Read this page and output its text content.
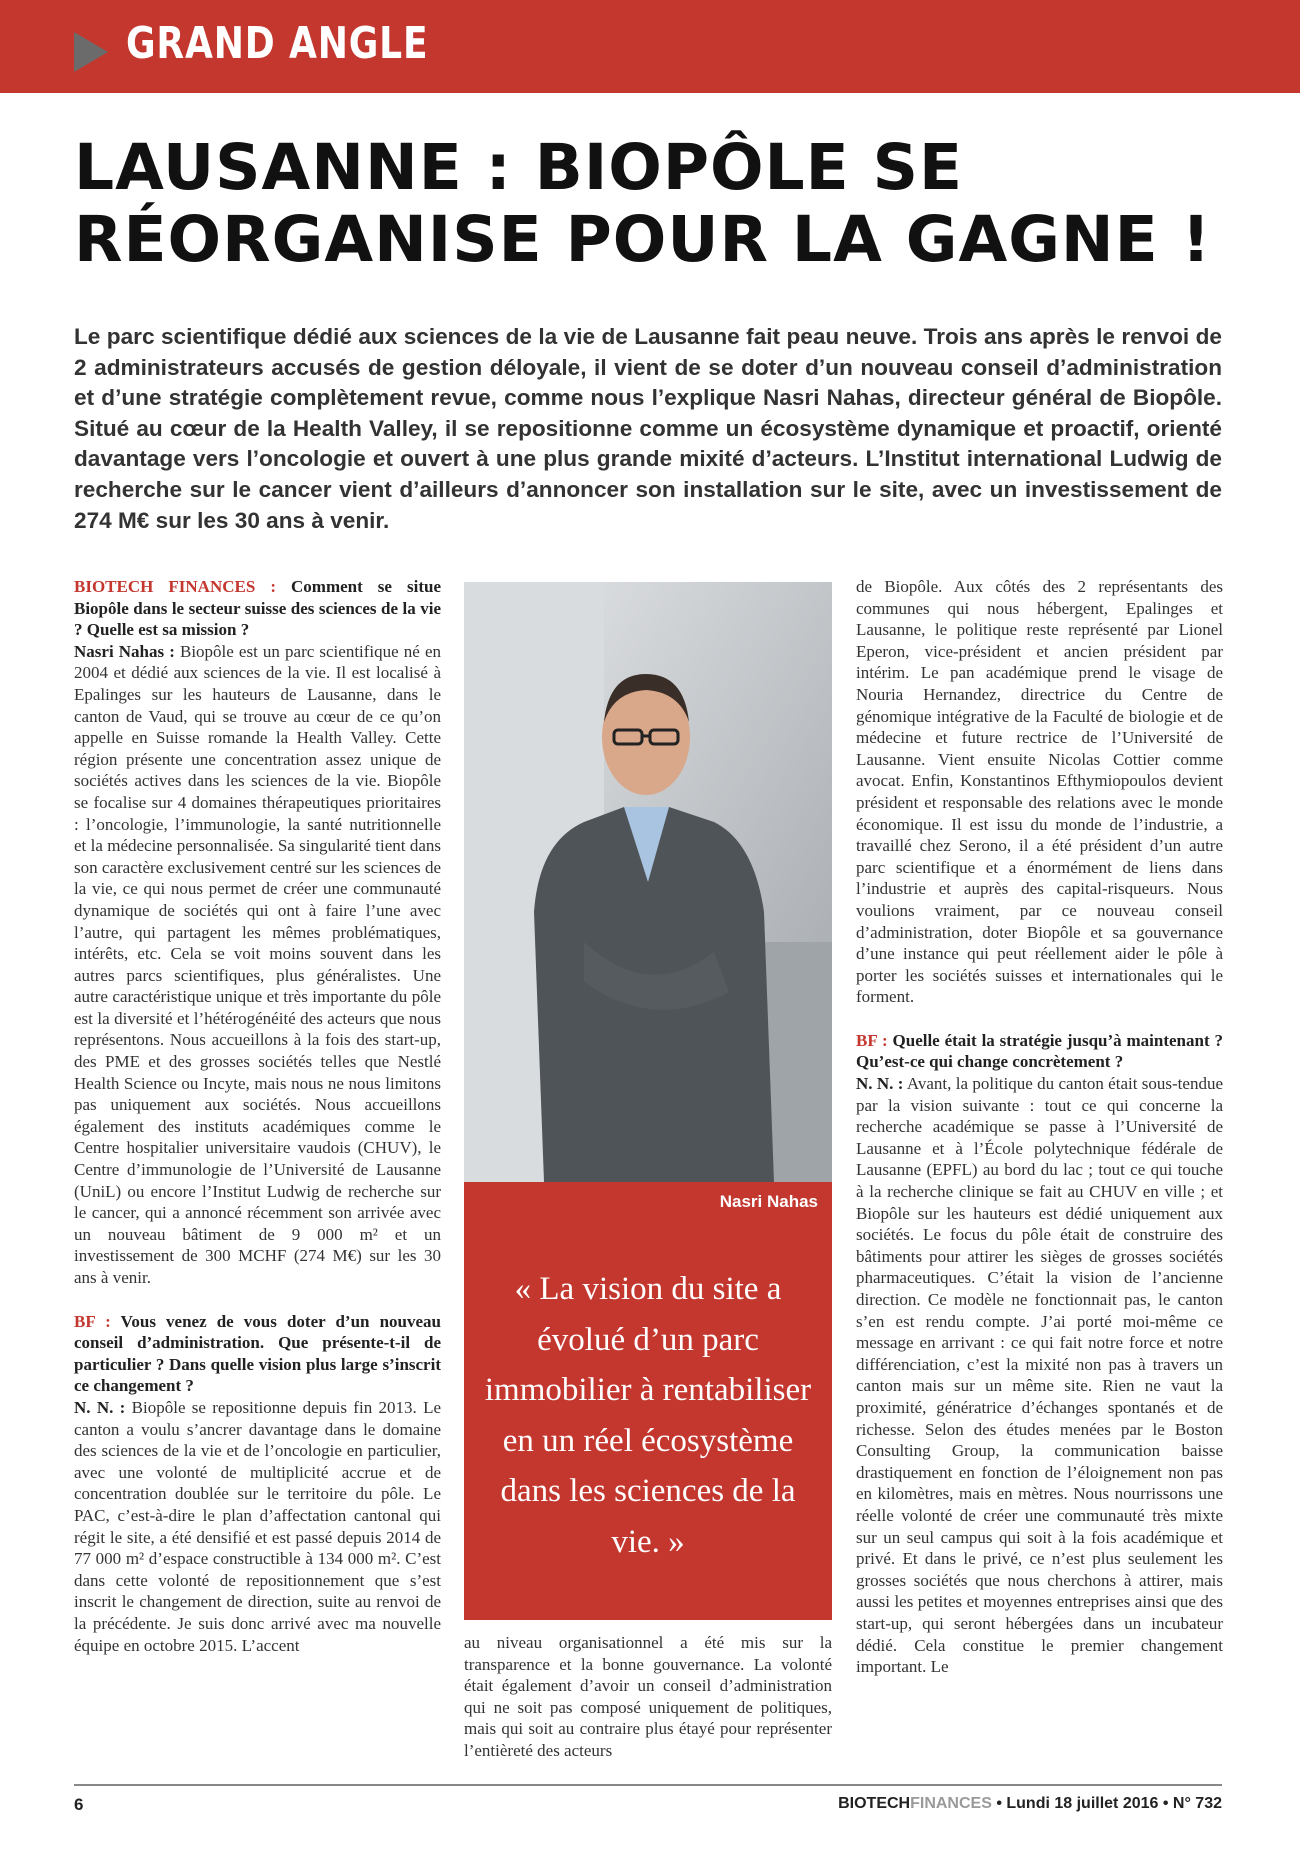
GRAND ANGLE
LAUSANNE : BIOPÔLE SE
RÉORGANISE POUR LA GAGNE !
Le parc scientifique dédié aux sciences de la vie de Lausanne fait peau neuve. Trois ans après le renvoi de 2 administrateurs accusés de gestion déloyale, il vient de se doter d’un nouveau conseil d’administration et d’une stratégie complètement revue, comme nous l’explique Nasri Nahas, directeur général de Biopôle. Situé au cœur de la Health Valley, il se repositionne comme un écosystème dynamique et proactif, orienté davantage vers l’oncologie et ouvert à une plus grande mixité d’acteurs. L’Institut international Ludwig de recherche sur le cancer vient d’ailleurs d’annoncer son installation sur le site, avec un investissement de 274 M€ sur les 30 ans à venir.

BIOTECH FINANCES : Comment se situe Biopôle dans le secteur suisse des sciences de la vie ? Quelle est sa mission ?

Nasri Nahas : Biopôle est un parc scientifique né en 2004 et dédié aux sciences de la vie. Il est localisé à Epalinges sur les hauteurs de Lausanne, dans le canton de Vaud, qui se trouve au cœur de ce qu’on appelle en Suisse romande la Health Valley. Cette région présente une concentration assez unique de sociétés actives dans les sciences de la vie. Biopôle se focalise sur 4 domaines thérapeutiques prioritaires : l’oncologie, l’immunologie, la santé nutritionnelle et la médecine personnalisée. Sa singularité tient dans son caractère exclusivement centré sur les sciences de la vie, ce qui nous permet de créer une communauté dynamique de sociétés qui ont à faire l’une avec l’autre, qui partagent les mêmes problématiques, intérêts, etc. Cela se voit moins souvent dans les autres parcs scientifiques, plus généralistes. Une autre caractéristique unique et très importante du pôle est la diversité et l’hétérogénéité des acteurs que nous représentons. Nous accueillons à la fois des start-up, des PME et des grosses sociétés telles que Nestlé Health Science ou Incyte, mais nous ne nous limitons pas uniquement aux sociétés. Nous accueillons également des instituts académiques comme le Centre hospitalier universitaire vaudois (CHUV), le Centre d’immunologie de l’Université de Lausanne (UniL) ou encore l’Institut Ludwig de recherche sur le cancer, qui a annoncé récemment son arrivée avec un nouveau bâtiment de 9 000 m² et un investissement de 300 MCHF (274 M€) sur les 30 ans à venir.

BF : Vous venez de vous doter d’un nouveau conseil d’administration. Que présente-t-il de particulier ? Dans quelle vision plus large s’inscrit ce changement ?

N. N. : Biopôle se repositionne depuis fin 2013. Le canton a voulu s’ancrer davantage dans le domaine des sciences de la vie et de l’oncologie en particulier, avec une volonté de multiplicité accrue et de concentration doublée sur le territoire du pôle. Le PAC, c’est-à-dire le plan d’affectation cantonal qui régit le site, a été densifié et est passé depuis 2014 de 77 000 m² d’espace constructible à 134 000 m². C’est dans cette volonté de repositionnement que s’est inscrit le changement de direction, suite au renvoi de la précédente. Je suis donc arrivé avec ma nouvelle équipe en octobre 2015. L’accent

Nasri Nahas
« La vision du site a évolué d’un parc immobilier à rentabiliser en un réel écosystème dans les sciences de la vie. »

au niveau organisationnel a été mis sur la transparence et la bonne gouvernance. La volonté était également d’avoir un conseil d’administration qui ne soit pas composé uniquement de politiques, mais qui soit au contraire plus étayé pour représenter l’entièreté des acteurs

de Biopôle. Aux côtés des 2 représentants des communes qui nous hébergent, Epalinges et Lausanne, le politique reste représenté par Lionel Eperon, vice-président et ancien président par intérim. Le pan académique prend le visage de Nouria Hernandez, directrice du Centre de génomique intégrative de la Faculté de biologie et de médecine et future rectrice de l’Université de Lausanne. Vient ensuite Nicolas Cottier comme avocat. Enfin, Konstantinos Efthymiopoulos devient président et responsable des relations avec le monde économique. Il est issu du monde de l’industrie, a travaillé chez Serono, il a été président d’un autre parc scientifique et a énormément de liens dans l’industrie et auprès des capital-risqueurs. Nous voulions vraiment, par ce nouveau conseil d’administration, doter Biopôle et sa gouvernance d’une instance qui peut réellement aider le pôle à porter les sociétés suisses et internationales qui le forment.

BF : Quelle était la stratégie jusqu’à maintenant ? Qu’est-ce qui change concrètement ?

N. N. : Avant, la politique du canton était sous-tendue par la vision suivante : tout ce qui concerne la recherche académique se passe à l’Université de Lausanne et à l’École polytechnique fédérale de Lausanne (EPFL) au bord du lac ; tout ce qui touche à la recherche clinique se fait au CHUV en ville ; et Biopôle sur les hauteurs est dédié uniquement aux sociétés. Le focus du pôle était de construire des bâtiments pour attirer les sièges de grosses sociétés pharmaceutiques. C’était la vision de l’ancienne direction. Ce modèle ne fonctionnait pas, le canton s’en est rendu compte. J’ai porté moi-même ce message en arrivant : ce qui fait notre force et notre différenciation, c’est la mixité non pas à travers un canton mais sur un même site. Rien ne vaut la proximité, génératrice d’échanges spontanés et de richesse. Selon des études menées par le Boston Consulting Group, la communication baisse drastiquement en fonction de l’éloignement non pas en kilomètres, mais en mètres. Nous nourrissons une réelle volonté de créer une communauté très mixte sur un seul campus qui soit à la fois académique et privé. Et dans le privé, ce n’est plus seulement les grosses sociétés que nous cherchons à attirer, mais aussi les petites et moyennes entreprises ainsi que des start-up, qui seront hébergées dans un incubateur dédié. Cela constitue le premier changement important. Le

6	BIOTECHFINANCES • Lundi 18 juillet 2016 • N° 732
